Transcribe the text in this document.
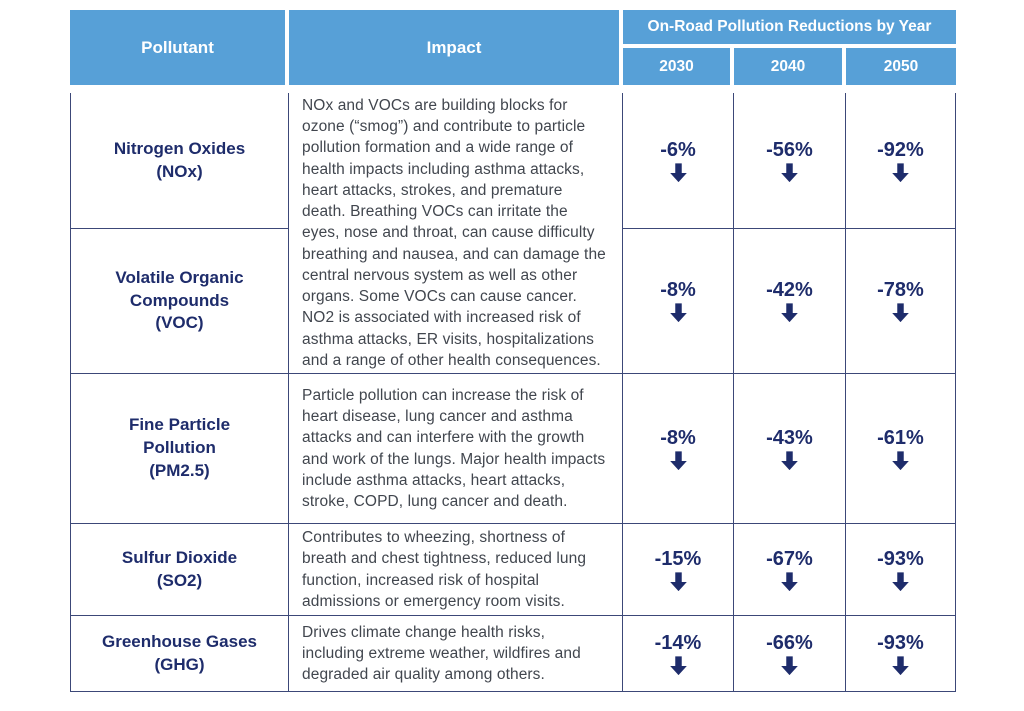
Pollutant	Impact
On-Road Pollution Reductions by Year
2030	2040	2050
Nitrogen Oxides
(NOx)

NOx and VOCs are building blocks for ozone (“smog”) and contribute to particle pollution formation and a wide range of health impacts including asthma attacks, heart attacks, strokes, and premature death. Breathing VOCs can irritate the eyes, nose and throat, can cause difficulty breathing and nausea, and can damage the central nervous system as well as other organs. Some VOCs can cause cancer. NO2 is associated with increased risk of asthma attacks, ER visits, hospitalizations and a range of other health consequences.

-6%	-56%	-92%
Volatile Organic Compounds
(VOC)
-8%	-42%	-78%
Fine Particle Pollution
(PM2.5)

Particle pollution can increase the risk of heart disease, lung cancer and asthma attacks and can interfere with the growth and work of the lungs. Major health impacts include asthma attacks, heart attacks, stroke, COPD, lung cancer and death.

-8%	-43%	-61%
Sulfur Dioxide
(SO2)

Contributes to wheezing, shortness of breath and chest tightness, reduced lung function, increased risk of hospital admissions or emergency room visits.

-15%	-67%	-93%
Greenhouse Gases
(GHG)

Drives climate change health risks, including extreme weather, wildfires and degraded air quality among others.

-14%	-66%	-93%
